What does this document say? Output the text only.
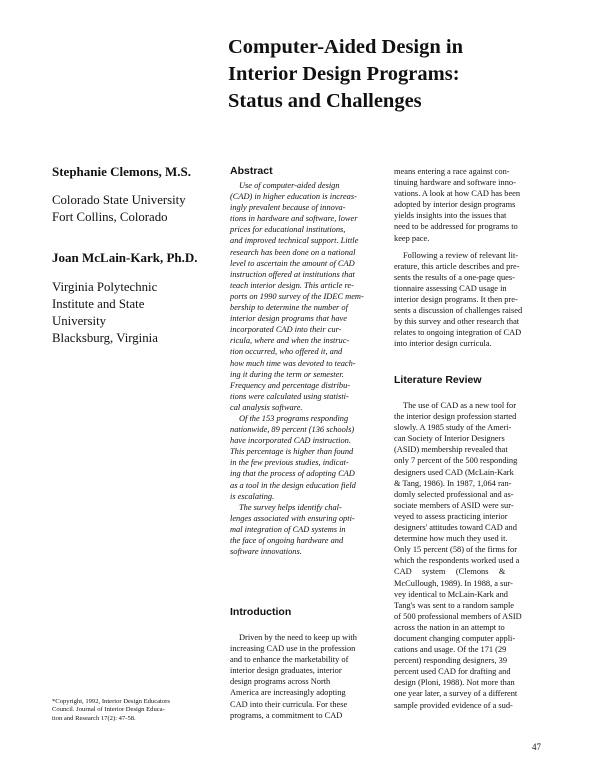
Computer-Aided Design in
Interior Design Programs:
Status and Challenges
Stephanie Clemons, M.S.
Colorado State University
Fort Collins, Colorado
Joan McLain-Kark, Ph.D.
Virginia Polytechnic
Institute and State
University
Blacksburg, Virginia
Abstract
Use of computer-aided design
(CAD) in higher education is increas-
ingly prevalent because of innova-
tions in hardware and software, lower
prices for educational institutions,
and improved technical support. Little
research has been done on a national
level to ascertain the amount of CAD
instruction offered at institutions that
teach interior design. This article re-
ports on 1990 survey of the IDEC mem-
bership to determine the number of
interior design programs that have
incorporated CAD into their cur-
ricula, where and when the instruc-
tion occurred, who offered it, and
how much time was devoted to teach-
ing it during the term or semester.
Frequency and percentage distribu-
tions were calculated using statisti-
cal analysis software.
Of the 153 programs responding
nationwide, 89 percent (136 schools)
have incorporated CAD instruction.
This percentage is higher than found
in the few previous studies, indicat-
ing that the process of adopting CAD
as a tool in the design education field
is escalating.
The survey helps identify chal-
lenges associated with ensuring opti-
mal integration of CAD systems in
the face of ongoing hardware and
software innovations.
Introduction
Driven by the need to keep up with
increasing CAD use in the profession
and to enhance the marketability of
interior design graduates, interior
design programs across North
America are increasingly adopting
CAD into their curricula. For these
programs, a commitment to CAD
means entering a race against con-
tinuing hardware and software inno-
vations. A look at how CAD has been
adopted by interior design programs
yields insights into the issues that
need to be addressed for programs to
keep pace.
Following a review of relevant lit-
erature, this article describes and pre-
sents the results of a one-page ques-
tionnaire assessing CAD usage in
interior design programs. It then pre-
sents a discussion of challenges raised
by this survey and other research that
relates to ongoing integration of CAD
into interior design curricula.
Literature Review
The use of CAD as a new tool for
the interior design profession started
slowly. A 1985 study of the Ameri-
can Society of Interior Designers
(ASID) membership revealed that
only 7 percent of the 500 responding
designers used CAD (McLain-Kark
& Tang, 1986). In 1987, 1,064 ran-
domly selected professional and as-
sociate members of ASID were sur-
veyed to assess practicing interior
designers' attitudes toward CAD and
determine how much they used it.
Only 15 percent (58) of the firms for
which the respondents worked used a
CAD     system     (Clemons     &
McCullough, 1989). In 1988, a sur-
vey identical to McLain-Kark and
Tang's was sent to a random sample
of 500 professional members of ASID
across the nation in an attempt to
document changing computer appli-
cations and usage. Of the 171 (29
percent) responding designers, 39
percent used CAD for drafting and
design (Ploni, 1988). Not more than
one year later, a survey of a different
sample provided evidence of a sud-
*Copyright, 1992, Interior Design Educators
Council. Journal of Interior Design Educa-
tion and Research 17(2): 47-58.
47
